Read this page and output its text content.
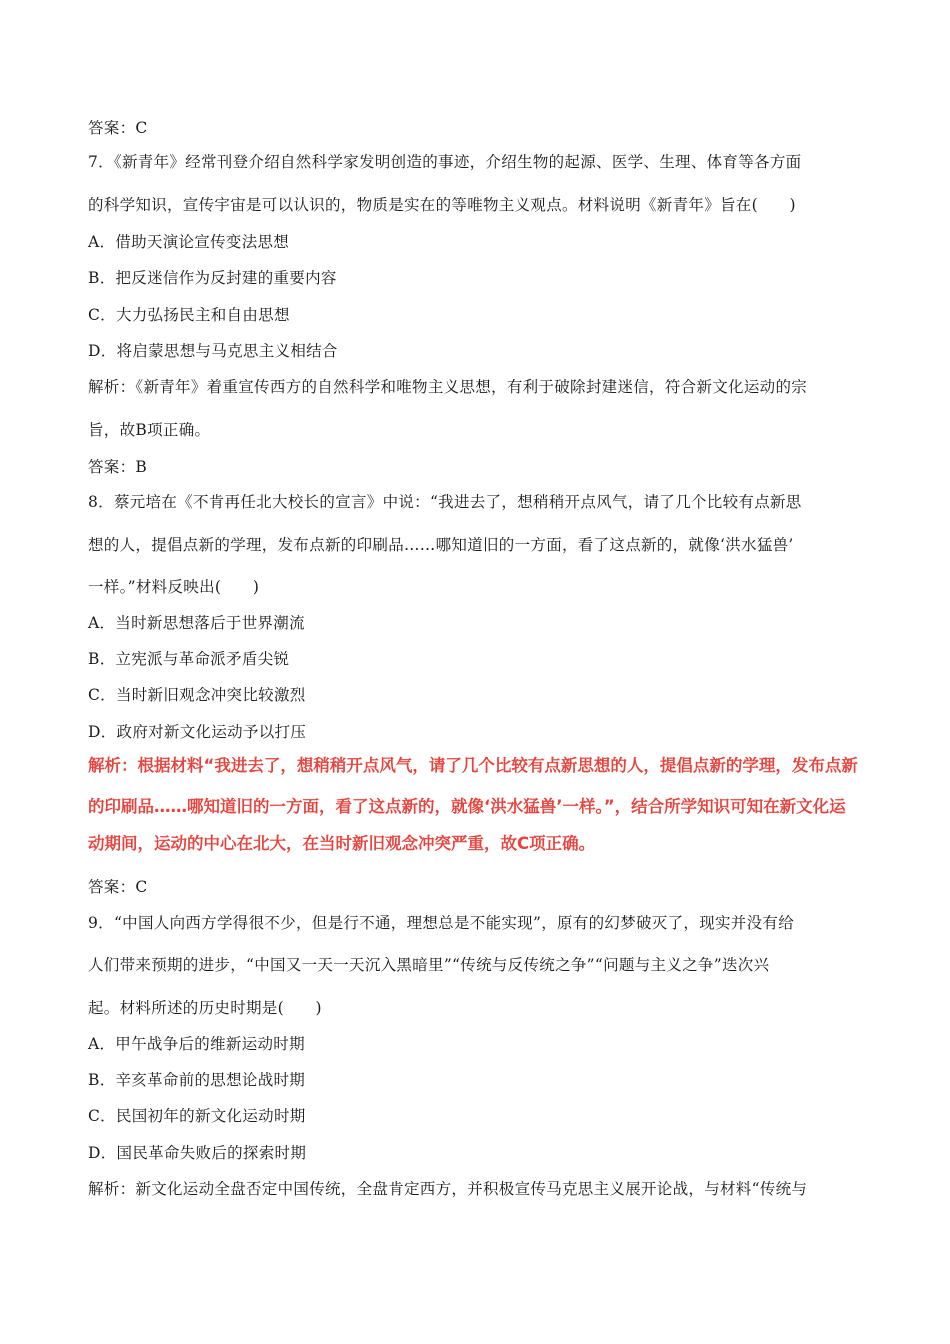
答案：C
7．《新青年》经常刊登介绍自然科学家发明创造的事迹，介绍生物的起源、医学、生理、体育等各方面
的科学知识，宣传宇宙是可以认识的，物质是实在的等唯物主义观点。材料说明《新青年》旨在(　　)
A．借助天演论宣传变法思想
B．把反迷信作为反封建的重要内容
C．大力弘扬民主和自由思想
D．将启蒙思想与马克思主义相结合
解析：《新青年》着重宣传西方的自然科学和唯物主义思想，有利于破除封建迷信，符合新文化运动的宗
旨，故B项正确。
答案：B
8．蔡元培在《不肯再任北大校长的宣言》中说：“我进去了，想稍稍开点风气，请了几个比较有点新思
想的人，提倡点新的学理，发布点新的印刷品……哪知道旧的一方面，看了这点新的，就像‘洪水猛兽’
一样。”材料反映出(　　)
A．当时新思想落后于世界潮流
B．立宪派与革命派矛盾尖锐
C．当时新旧观念冲突比较激烈
D．政府对新文化运动予以打压
解析：根据材料“我进去了，想稍稍开点风气，请了几个比较有点新思想的人，提倡点新的学理，发布点新
的印刷品……哪知道旧的一方面，看了这点新的，就像‘洪水猛兽’一样。”，结合所学知识可知在新文化运
动期间，运动的中心在北大，在当时新旧观念冲突严重，故C项正确。
答案：C
9．“中国人向西方学得很不少，但是行不通，理想总是不能实现”，原有的幻梦破灭了，现实并没有给
人们带来预期的进步，“中国又一天一天沉入黑暗里”“传统与反传统之争”“问题与主义之争”迭次兴
起。材料所述的历史时期是(　　)
A．甲午战争后的维新运动时期
B．辛亥革命前的思想论战时期
C．民国初年的新文化运动时期
D．国民革命失败后的探索时期
解析：新文化运动全盘否定中国传统，全盘肯定西方，并积极宣传马克思主义展开论战，与材料“传统与
